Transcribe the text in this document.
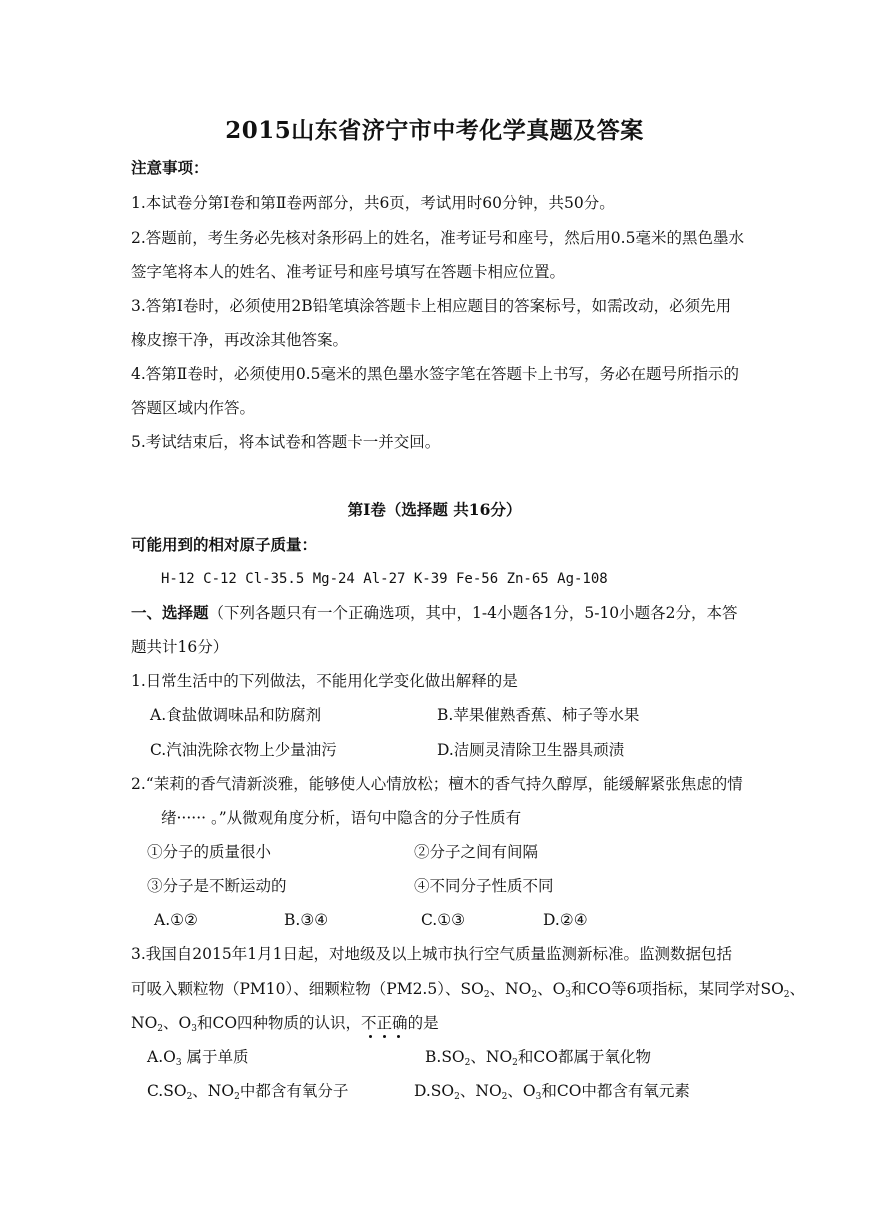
2015山东省济宁市中考化学真题及答案
注意事项：
1.本试卷分第Ⅰ卷和第Ⅱ卷两部分，共6页，考试用时60分钟，共50分。
2.答题前，考生务必先核对条形码上的姓名，准考证号和座号，然后用0.5毫米的黑色墨水
签字笔将本人的姓名、准考证号和座号填写在答题卡相应位置。
3.答第Ⅰ卷时，必须使用2B铅笔填涂答题卡上相应题目的答案标号，如需改动，必须先用
橡皮擦干净，再改涂其他答案。
4.答第Ⅱ卷时，必须使用0.5毫米的黑色墨水签字笔在答题卡上书写，务必在题号所指示的
答题区域内作答。
5.考试结束后，将本试卷和答题卡一并交回。
第Ⅰ卷（选择题 共16分）
可能用到的相对原子质量：
H-12 C-12 Cl-35.5 Mg-24 Al-27 K-39 Fe-56 Zn-65 Ag-108
一、选择题（下列各题只有一个正确选项，其中，1-4小题各1分，5-10小题各2分，本答
题共计16分）
1.日常生活中的下列做法，不能用化学变化做出解释的是
A.食盐做调味品和防腐剂	B.苹果催熟香蕉、柿子等水果
C.汽油洗除衣物上少量油污	D.洁厕灵清除卫生器具顽渍
2.“茉莉的香气清新淡雅，能够使人心情放松；檀木的香气持久醇厚，能缓解紧张焦虑的情
绪······ 。”从微观角度分析，语句中隐含的分子性质有
①分子的质量很小	②分子之间有间隔
③分子是不断运动的	④不同分子性质不同
A.①②	B.③④	C.①③	D.②④
3.我国自2015年1月1日起，对地级及以上城市执行空气质量监测新标准。监测数据包括
可吸入颗粒物（PM10）、细颗粒物（PM2.5）、$SO_2$、$NO_2$、$O_3$和CO等6项指标，某同学对$SO_2$、
$NO_2$、$O_3$和CO四种物质的认识，不正确
的是
$A.O_3$ 属于单质	$B.SO_2$、$NO_2$和CO都属于氧化物
$C.SO_2$、$NO_2$中都含有氧分子	$D.SO_2$、$NO_2$、$O_3$和CO中都含有氧元素
